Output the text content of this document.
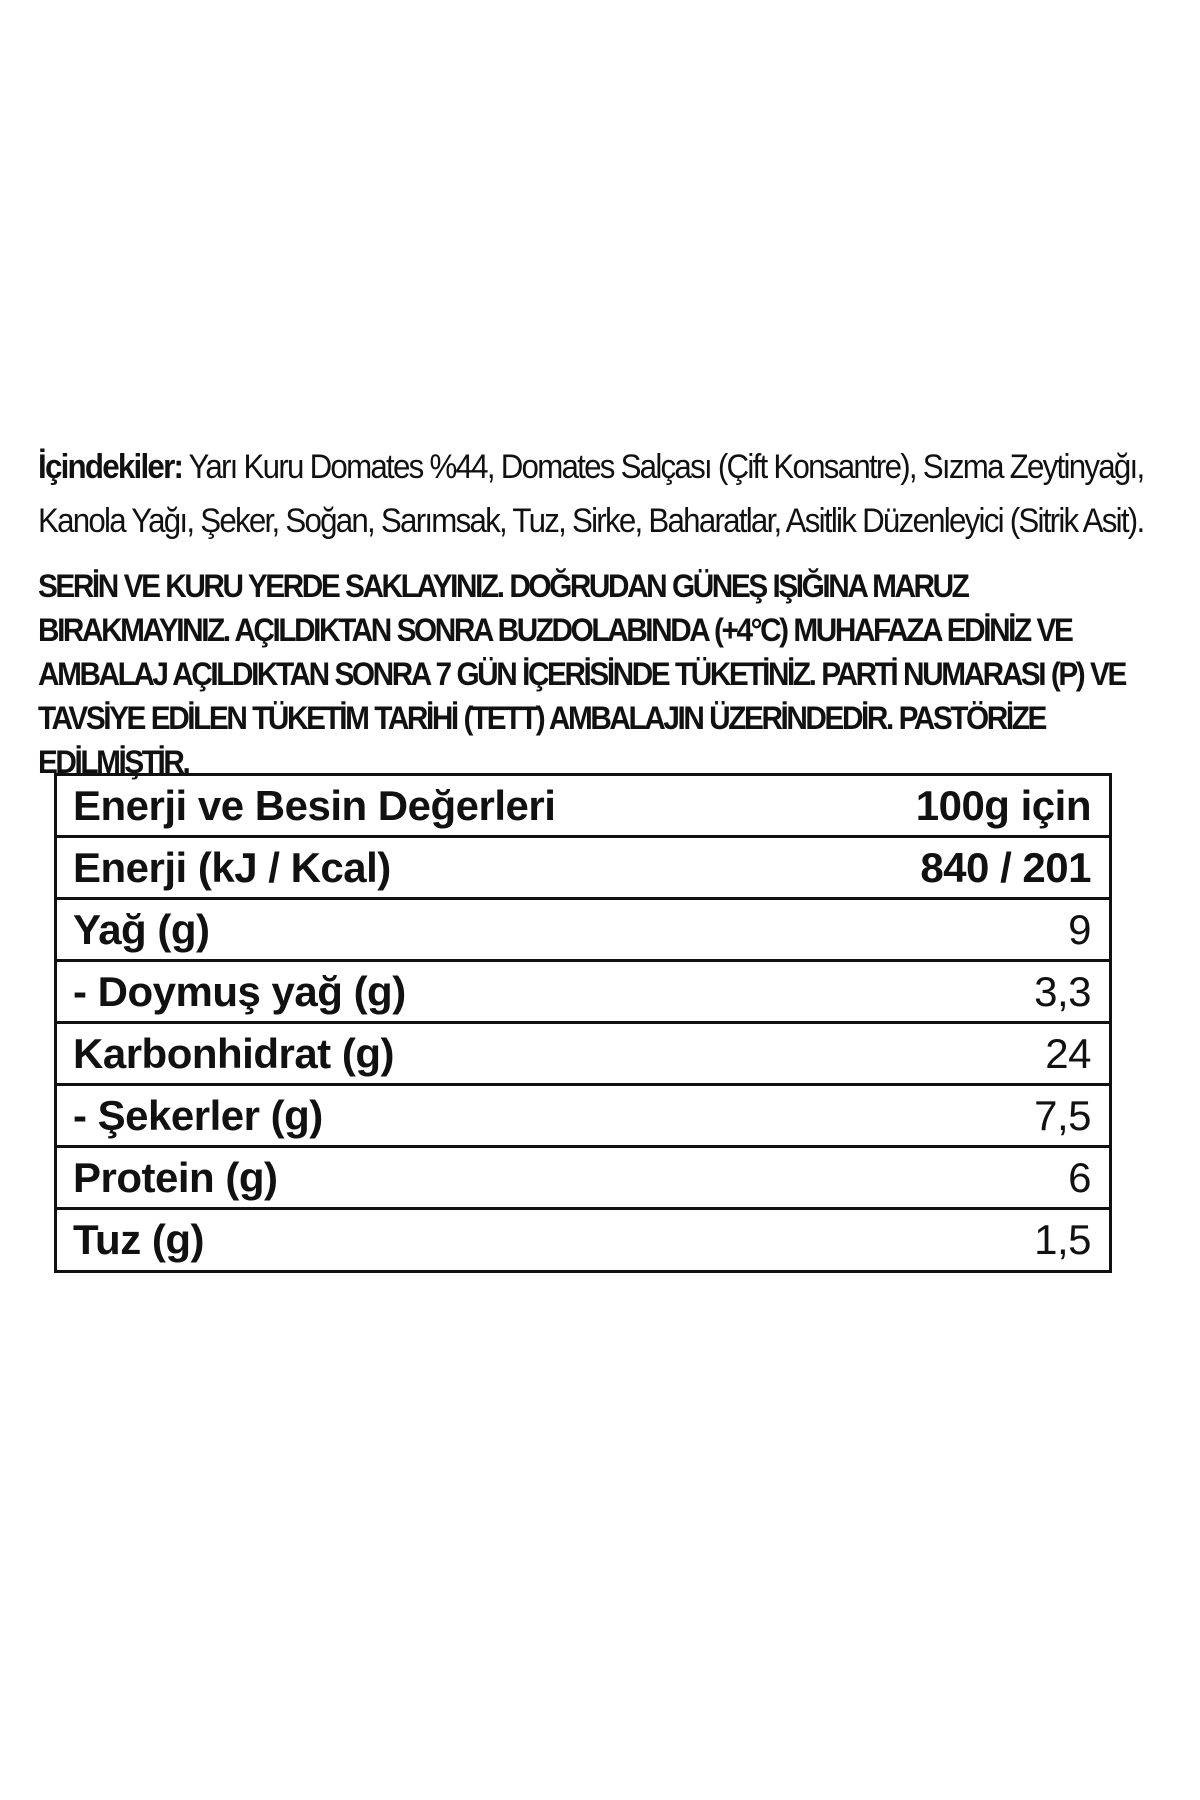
İçindekiler: Yarı Kuru Domates %44, Domates Salçası (Çift Konsantre), Sızma Zeytinyağı, Kanola Yağı, Şeker, Soğan, Sarımsak, Tuz, Sirke, Baharatlar, Asitlik Düzenleyici (Sitrik Asit).

SERİN VE KURU YERDE SAKLAYINIZ. DOĞRUDAN GÜNEŞ IŞIĞINA MARUZ BIRAKMAYINIZ. AÇILDIKTAN SONRA BUZDOLABINDA (+4°C) MUHAFAZA EDİNİZ VE AMBALAJ AÇILDIKTAN SONRA 7 GÜN İÇERİSİNDE TÜKETİNİZ. PARTİ NUMARASI (P) VE TAVSİYE EDİLEN TÜKETİM TARİHİ (TETT) AMBALAJIN ÜZERİNDEDİR. PASTÖRİZE EDİLMİŞTİR.

Enerji ve Besin Değerleri	100g için
Enerji (kJ / Kcal)	840 / 201
Yağ (g)	9
- Doymuş yağ (g)	3,3
Karbonhidrat (g)	24
- Şekerler (g)	7,5
Protein (g)	6
Tuz (g)	1,5
